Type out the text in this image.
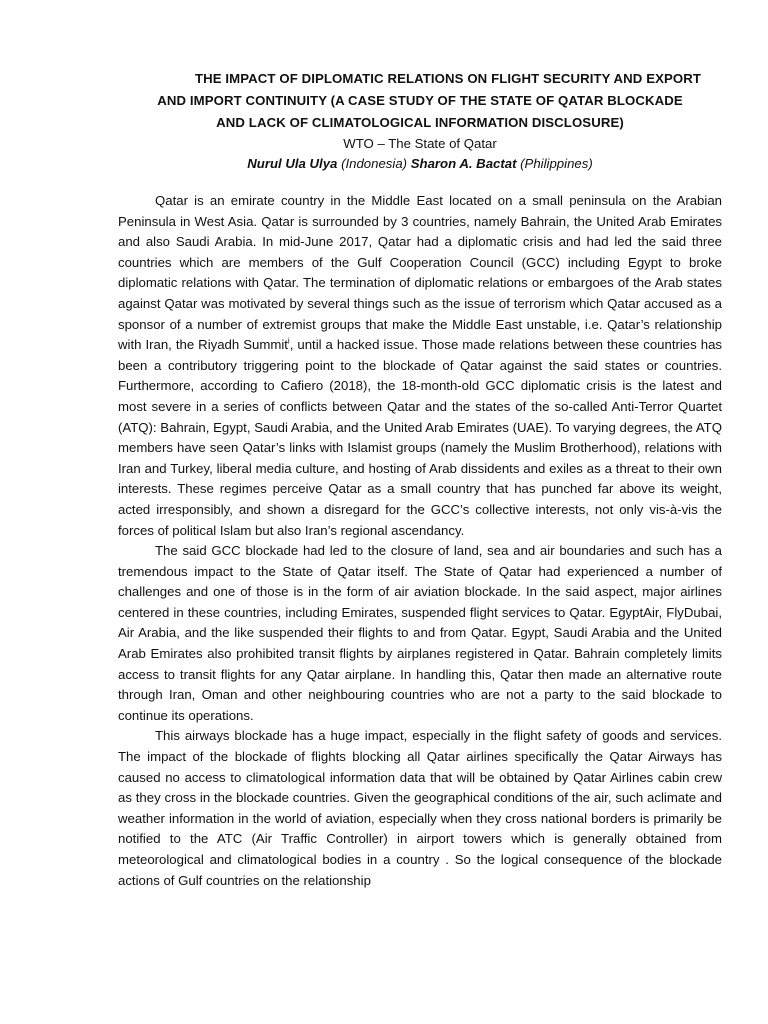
THE IMPACT OF DIPLOMATIC RELATIONS ON FLIGHT SECURITY AND EXPORT
AND IMPORT CONTINUITY (A CASE STUDY OF THE STATE OF QATAR BLOCKADE
AND LACK OF CLIMATOLOGICAL INFORMATION DISCLOSURE)

WTO – The State of Qatar

Nurul Ula Ulya (Indonesia) Sharon A. Bactat (Philippines)

Qatar is an emirate country in the Middle East located on a small peninsula on the Arabian Peninsula in West Asia. Qatar is surrounded by 3 countries, namely Bahrain, the United Arab Emirates and also Saudi Arabia. In mid-June 2017, Qatar had a diplomatic crisis and had led the said three countries which are members of the Gulf Cooperation Council (GCC) including Egypt to broke diplomatic relations with Qatar. The termination of diplomatic relations or embargoes of the Arab states against Qatar was motivated by several things such as the issue of terrorism which Qatar accused as a sponsor of a number of extremist groups that make the Middle East unstable, i.e. Qatar’s relationship with Iran, the Riyadh Summit$^i$, until a hacked issue. Those made relations between these countries has been a contributory triggering point to the blockade of Qatar against the said states or countries. Furthermore, according to Cafiero (2018), the 18-month-old GCC diplomatic crisis is the latest and most severe in a series of conflicts between Qatar and the states of the so-called Anti-Terror Quartet (ATQ): Bahrain, Egypt, Saudi Arabia, and the United Arab Emirates (UAE). To varying degrees, the ATQ members have seen Qatar’s links with Islamist groups (namely the Muslim Brotherhood), relations with Iran and Turkey, liberal media culture, and hosting of Arab dissidents and exiles as a threat to their own interests. These regimes perceive Qatar as a small country that has punched far above its weight, acted irresponsibly, and shown a disregard for the GCC’s collective interests, not only vis-à-vis the forces of political Islam but also Iran’s regional ascendancy.

The said GCC blockade had led to the closure of land, sea and air boundaries and such has a tremendous impact to the State of Qatar itself. The State of Qatar had experienced a number of challenges and one of those is in the form of air aviation blockade. In the said aspect, major airlines centered in these countries, including Emirates, suspended flight services to Qatar. EgyptAir, FlyDubai, Air Arabia, and the like suspended their flights to and from Qatar. Egypt, Saudi Arabia and the United Arab Emirates also prohibited transit flights by airplanes registered in Qatar. Bahrain completely limits access to transit flights for any Qatar airplane. In handling this, Qatar then made an alternative route through Iran, Oman and other neighbouring countries who are not a party to the said blockade to continue its operations.

This airways blockade has a huge impact, especially in the flight safety of goods and services. The impact of the blockade of flights blocking all Qatar airlines specifically the Qatar Airways has caused no access to climatological information data that will be obtained by Qatar Airlines cabin crew as they cross in the blockade countries. Given the geographical conditions of the air, such aclimate and weather information in the world of aviation, especially when they cross national borders is primarily be notified to the ATC (Air Traffic Controller) in airport towers which is generally obtained from meteorological and climatological bodies in a country . So the logical consequence of the blockade actions of Gulf countries on the relationship
